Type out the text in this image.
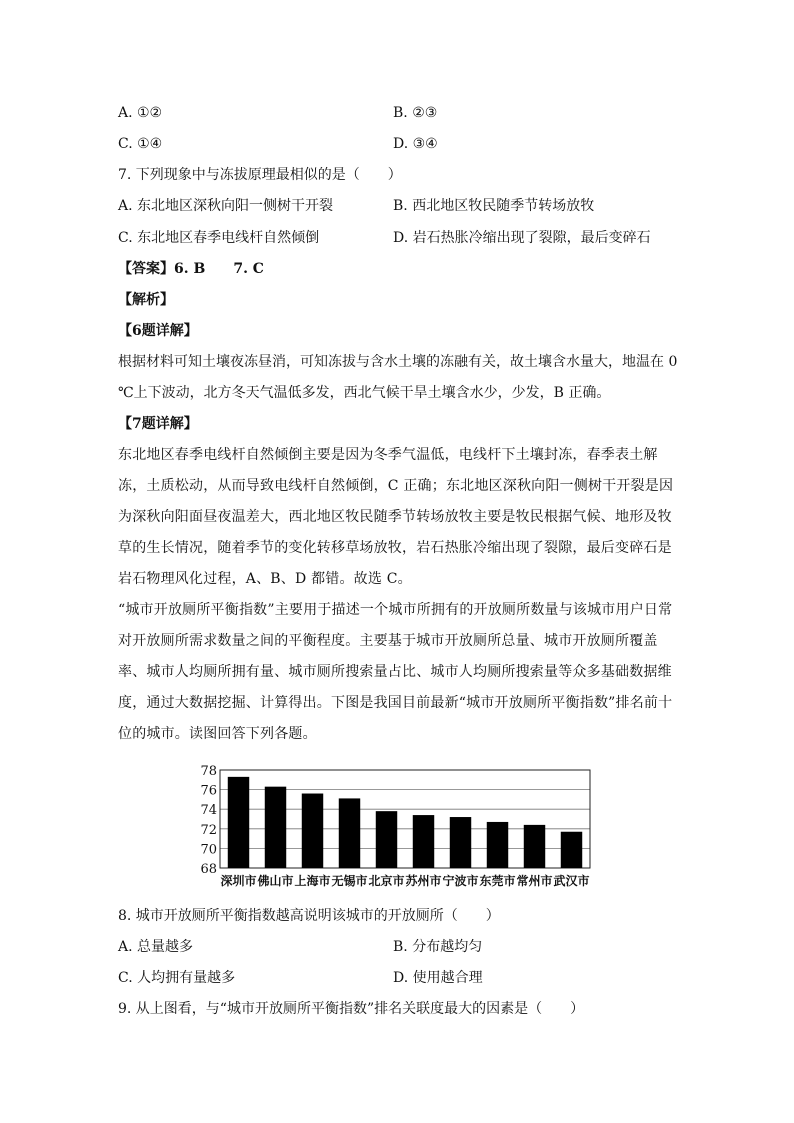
A. ①②	B. ②③
C. ①④	D. ③④
7. 下列现象中与冻拔原理最相似的是（　　）
A. 东北地区深秋向阳一侧树干开裂	B. 西北地区牧民随季节转场放牧
C. 东北地区春季电线杆自然倾倒	D. 岩石热胀冷缩出现了裂隙，最后变碎石
【答案】6. B　　7. C
【解析】
【6题详解】
根据材料可知土壤夜冻昼消，可知冻拔与含水土壤的冻融有关，故土壤含水量大，地温在 0
℃上下波动，北方冬天气温低多发，西北气候干旱土壤含水少，少发，B 正确。
【7题详解】
东北地区春季电线杆自然倾倒主要是因为冬季气温低，电线杆下土壤封冻，春季表土解冻，土质松动，从而导致电线杆自然倾倒，C 正确；东北地区深秋向阳一侧树干开裂是因为深秋向阳面昼夜温差大，西北地区牧民随季节转场放牧主要是牧民根据气候、地形及牧草的生长情况，随着季节的变化转移草场放牧，岩石热胀冷缩出现了裂隙，最后变碎石是岩石物理风化过程，A、B、D 都错。故选 C。
“城市开放厕所平衡指数”主要用于描述一个城市所拥有的开放厕所数量与该城市用户日常对开放厕所需求数量之间的平衡程度。主要基于城市开放厕所总量、城市开放厕所覆盖率、城市人均厕所拥有量、城市厕所搜索量占比、城市人均厕所搜索量等众多基础数据维度，通过大数据挖掘、计算得出。下图是我国目前最新“城市开放厕所平衡指数”排名前十位的城市。读图回答下列各题。
68
70
72
74
76
78
深圳市 佛山市 上海市 无锡市 北京市 苏州市 宁波市 东莞市 常州市 武汉市
8. 城市开放厕所平衡指数越高说明该城市的开放厕所（　　）
A. 总量越多	B. 分布越均匀
C. 人均拥有量越多	D. 使用越合理
9. 从上图看，与“城市开放厕所平衡指数”排名关联度最大的因素是（　　）
